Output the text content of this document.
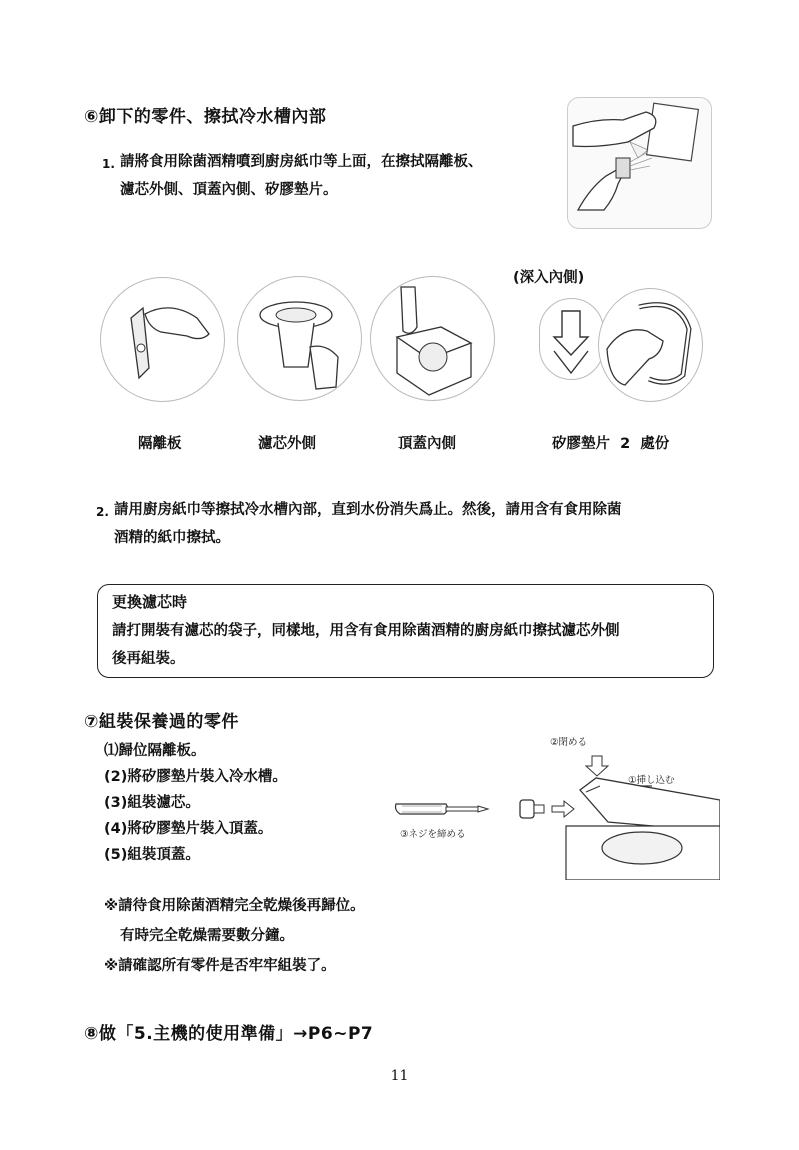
⑥卸下的零件、擦拭冷水槽內部
1. 請將食用除菌酒精噴到廚房紙巾等上面，在擦拭隔離板、
濾芯外側、頂蓋內側、矽膠墊片。
(深入內側)
隔離板	濾芯外側	頂蓋內側	矽膠墊片  2  處份
2. 請用廚房紙巾等擦拭冷水槽內部，直到水份消失爲止。然後，請用含有食用除菌
酒精的紙巾擦拭。
更換濾芯時
請打開裝有濾芯的袋子，同樣地，用含有食用除菌酒精的廚房紙巾擦拭濾芯外側
後再組裝。
⑦組裝保養過的零件
⑴歸位隔離板。
(2)將矽膠墊片裝入冷水槽。
(3)組裝濾芯。
(4)將矽膠墊片裝入頂蓋。
(5)組裝頂蓋。
②閉める
①挿し込む
③ネジを締める
※請待食用除菌酒精完全乾燥後再歸位。
有時完全乾燥需要數分鐘。
※請確認所有零件是否牢牢組裝了。
⑧做「5.主機的使用準備」→P6~P7
11
